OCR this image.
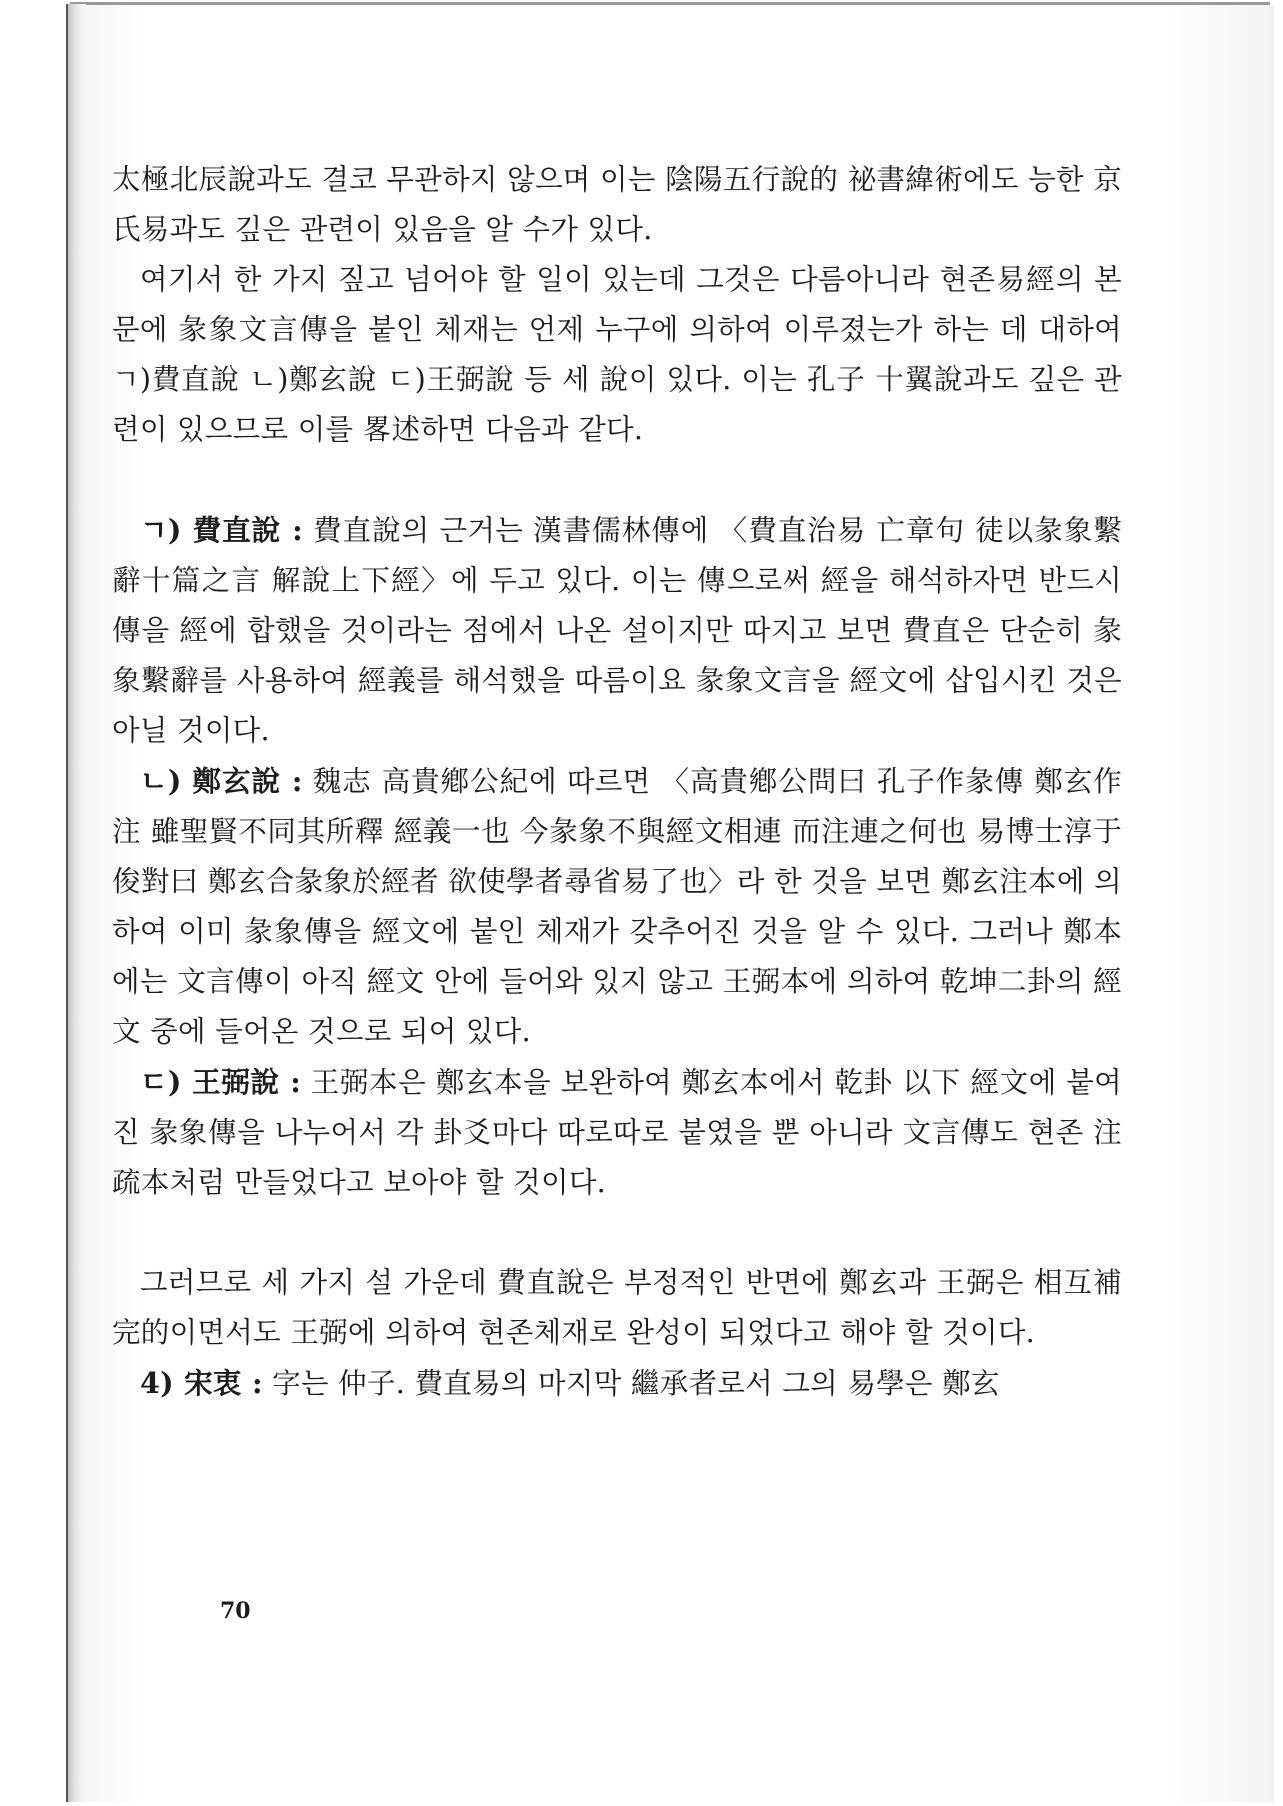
太極北辰說과도 결코 무관하지 않으며 이는 陰陽五行說的 祕書緯術에도 능한 京氏易과도 깊은 관련이 있음을 알 수가 있다.

여기서 한 가지 짚고 넘어야 할 일이 있는데 그것은 다름아니라 현존易經의 본문에 彖象文言傳을 붙인 체재는 언제 누구에 의하여 이루졌는가 하는 데 대하여 ㄱ)費直說 ㄴ)鄭玄說 ㄷ)王弼說 등 세 說이 있다. 이는 孔子 十翼說과도 깊은 관련이 있으므로 이를 畧述하면 다음과 같다.

ㄱ) 費直說 : 費直說의 근거는 漢書儒林傳에 〈費直治易 亡章句 徒以彖象繫辭十篇之言 解說上下經〉에 두고 있다. 이는 傳으로써 經을 해석하자면 반드시 傳을 經에 합했을 것이라는 점에서 나온 설이지만 따지고 보면 費直은 단순히 彖象繫辭를 사용하여 經義를 해석했을 따름이요 彖象文言을 經文에 삽입시킨 것은 아닐 것이다.

ㄴ) 鄭玄說 : 魏志 高貴鄕公紀에 따르면 〈高貴鄕公問曰 孔子作彖傳 鄭玄作注 雖聖賢不同其所釋 經義一也 今彖象不與經文相連 而注連之何也 易博士淳于俊對曰 鄭玄合彖象於經者 欲使學者尋省易了也〉라 한 것을 보면 鄭玄注本에 의하여 이미 彖象傳을 經文에 붙인 체재가 갖추어진 것을 알 수 있다. 그러나 鄭本에는 文言傳이 아직 經文 안에 들어와 있지 않고 王弼本에 의하여 乾坤二卦의 經文 중에 들어온 것으로 되어 있다.

ㄷ) 王弼說 : 王弼本은 鄭玄本을 보완하여 鄭玄本에서 乾卦 以下 經文에 붙여진 彖象傳을 나누어서 각 卦爻마다 따로따로 붙였을 뿐 아니라 文言傳도 현존 注疏本처럼 만들었다고 보아야 할 것이다.

그러므로 세 가지 설 가운데 費直說은 부정적인 반면에 鄭玄과 王弼은 相互補完的이면서도 王弼에 의하여 현존체재로 완성이 되었다고 해야 할 것이다.

4) 宋衷 : 字는 仲子. 費直易의 마지막 繼承者로서 그의 易學은 鄭玄

70
